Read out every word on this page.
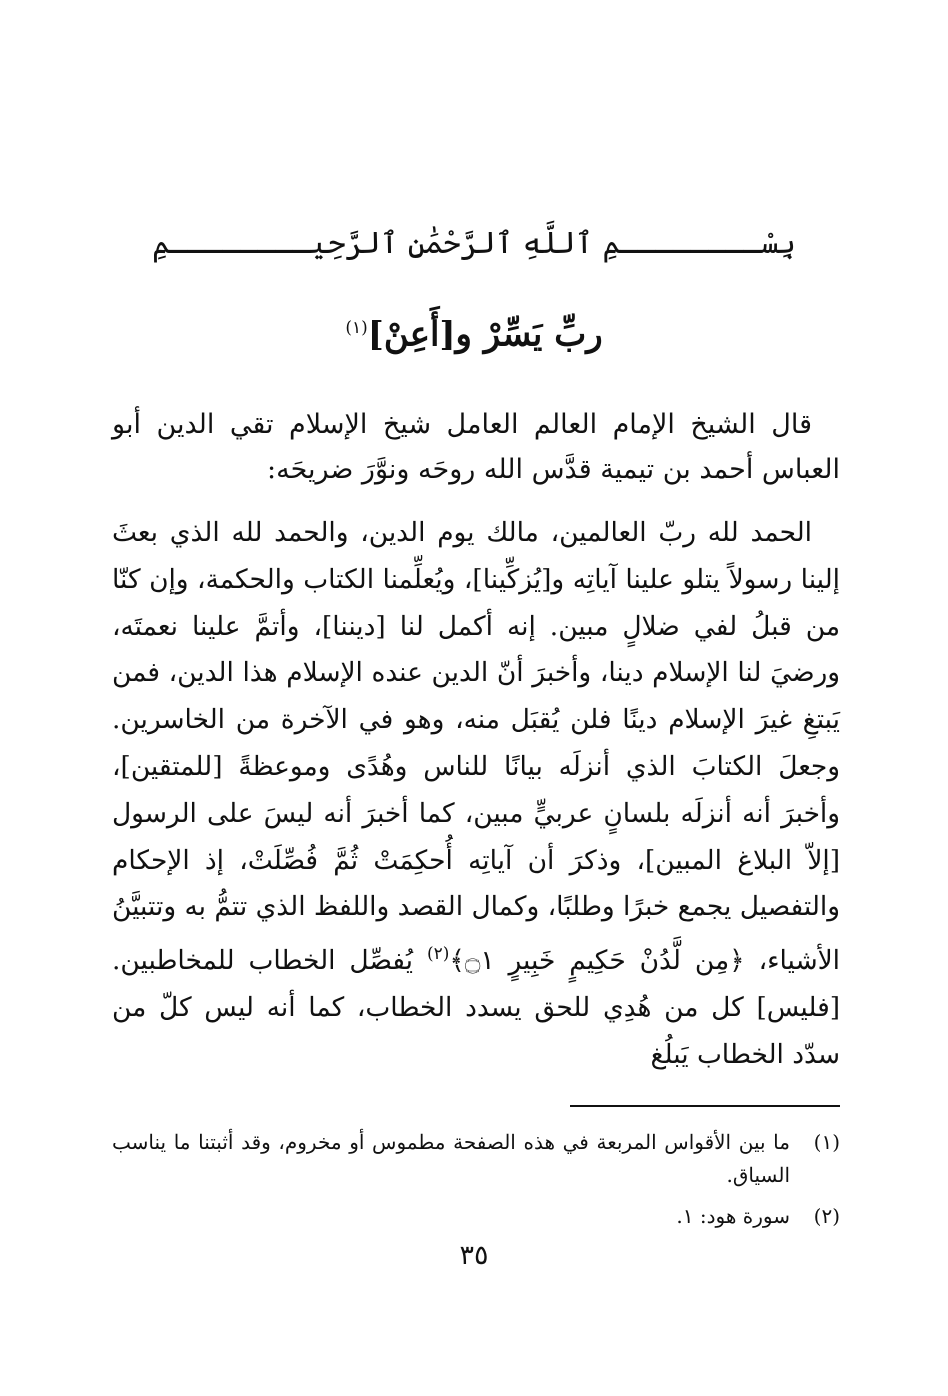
بِسْــــــــمِ ٱللَّهِ ٱلرَّحْمَٰنِ ٱلرَّحِيــــــــمِ
ربِّ يَسِّرْ و[أَعِنْ]$^{(١)}$

قال الشيخ الإمام العالم العامل شيخ الإسلام تقي الدين أبو العباس أحمد بن تيمية قدَّس الله روحَه ونوَّرَ ضريحَه:

الحمد لله ربّ العالمين، مالك يوم الدين، والحمد لله الذي بعثَ إلينا رسولاً يتلو علينا آياتِه و[يُزكِّينا]، ويُعلِّمنا الكتاب والحكمة، وإن كنّا من قبلُ لفي ضلالٍ مبين. إنه أكمل لنا [ديننا]، وأتمَّ علينا نعمتَه، ورضيَ لنا الإسلام دينا، وأخبرَ أنّ الدين عنده الإسلام هذا الدين، فمن يَبتغِ غيرَ الإسلام دينًا فلن يُقبَل منه، وهو في الآخرة من الخاسرين. وجعلَ الكتابَ الذي أنزلَه بيانًا للناس وهُدًى وموعظةً [للمتقين]، وأخبرَ أنه أنزلَه بلسانٍ عربيٍّ مبين، كما أخبرَ أنه ليسَ على الرسول [إلاّ البلاغ المبين]، وذكرَ أن آياتِه أُحكِمَتْ ثُمَّ فُصِّلَتْ، إذ الإحكام والتفصيل يجمع خبرًا وطلبًا، وكمال القصد واللفظ الذي تتمُّ به وتتبيَّنُ الأشياء، ﴿مِن لَّدُنْ حَكِيمٍ خَبِيرٍ ۝١﴾$^{(٢)}$ يُفصِّل الخطاب للمخاطبين. [فليس] كل من هُدِي للحق يسدد الخطاب، كما أنه ليس كلّ من سدّد الخطاب يَبلُغ

(١)
ما بين الأقواس المربعة في هذه الصفحة مطموس أو مخروم، وقد أثبتنا ما يناسب السياق.
(٢)
سورة هود: ١.
٣٥
